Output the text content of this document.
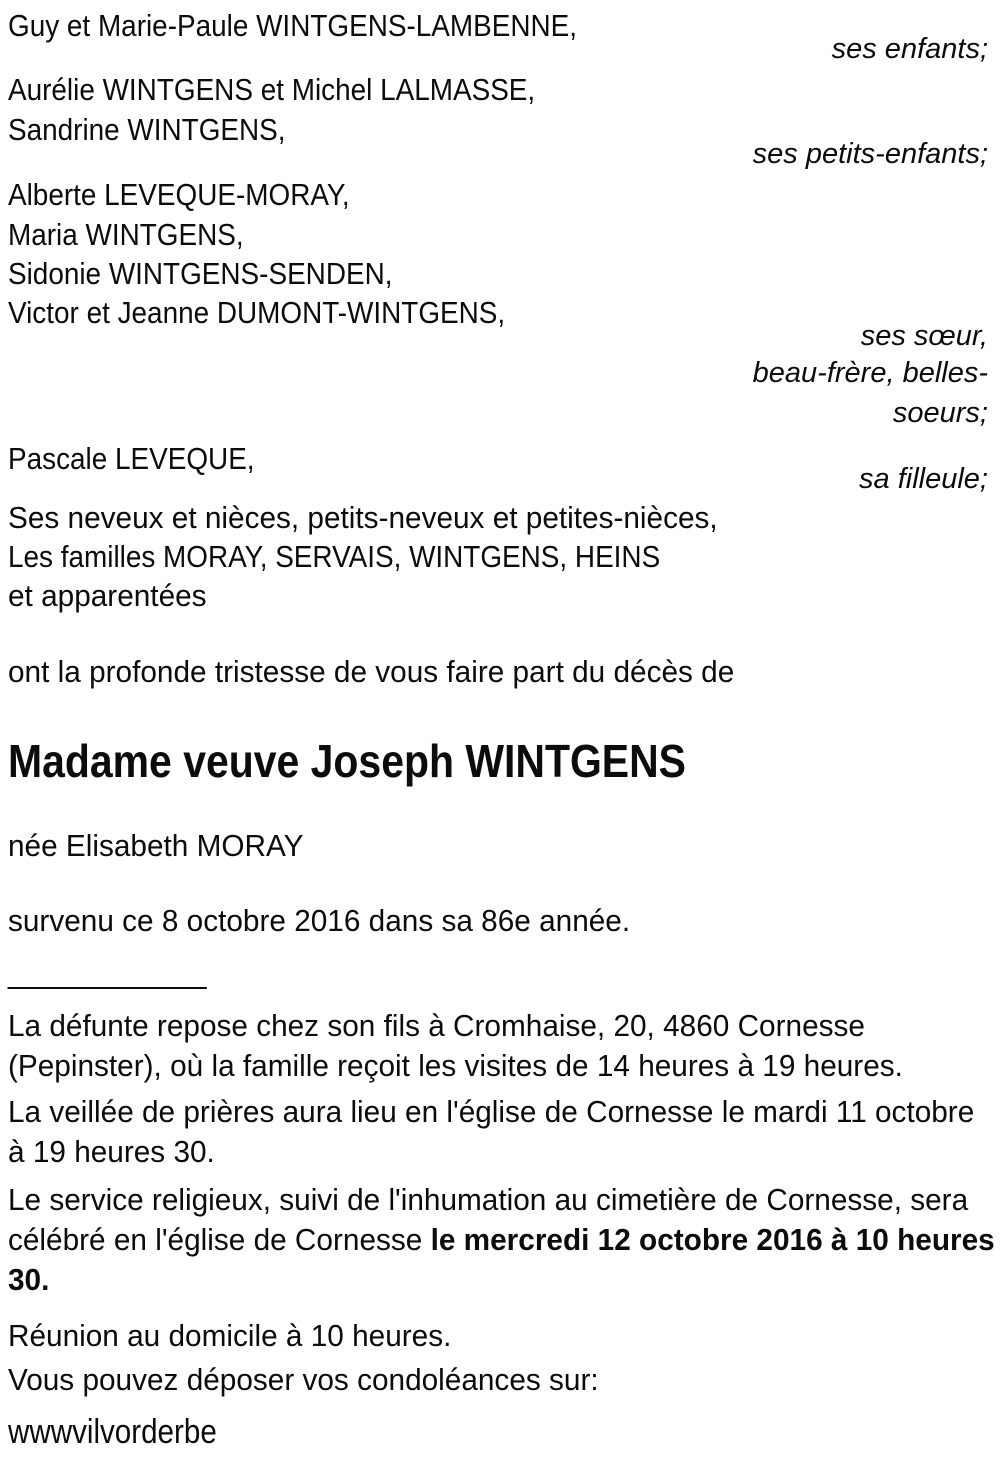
Guy et Marie-Paule WINTGENS-LAMBENNE,
ses enfants;
Aurélie WINTGENS et Michel LALMASSE,
Sandrine WINTGENS,
ses petits-enfants;
Alberte LEVEQUE-MORAY,
Maria WINTGENS,
Sidonie WINTGENS-SENDEN,
Victor et Jeanne DUMONT-WINTGENS,
ses sœur,
beau-frère, belles-
soeurs;
Pascale LEVEQUE,
sa filleule;
Ses neveux et nièces, petits-neveux et petites-nièces,
Les familles MORAY, SERVAIS, WINTGENS, HEINS
et apparentées
ont la profonde tristesse de vous faire part du décès de
Madame veuve Joseph WINTGENS
née Elisabeth MORAY
survenu ce 8 octobre 2016 dans sa 86e année.
____________
La défunte repose chez son fils à Cromhaise, 20, 4860 Cornesse
(Pepinster), où la famille reçoit les visites de 14 heures à 19 heures.
La veillée de prières aura lieu en l'église de Cornesse le mardi 11 octobre
à 19 heures 30.
Le service religieux, suivi de l'inhumation au cimetière de Cornesse, sera
célébré en l'église de Cornesse le mercredi 12 octobre 2016 à 10 heures
30.
Réunion au domicile à 10 heures.
Vous pouvez déposer vos condoléances sur:
wwwvilvorderbe
